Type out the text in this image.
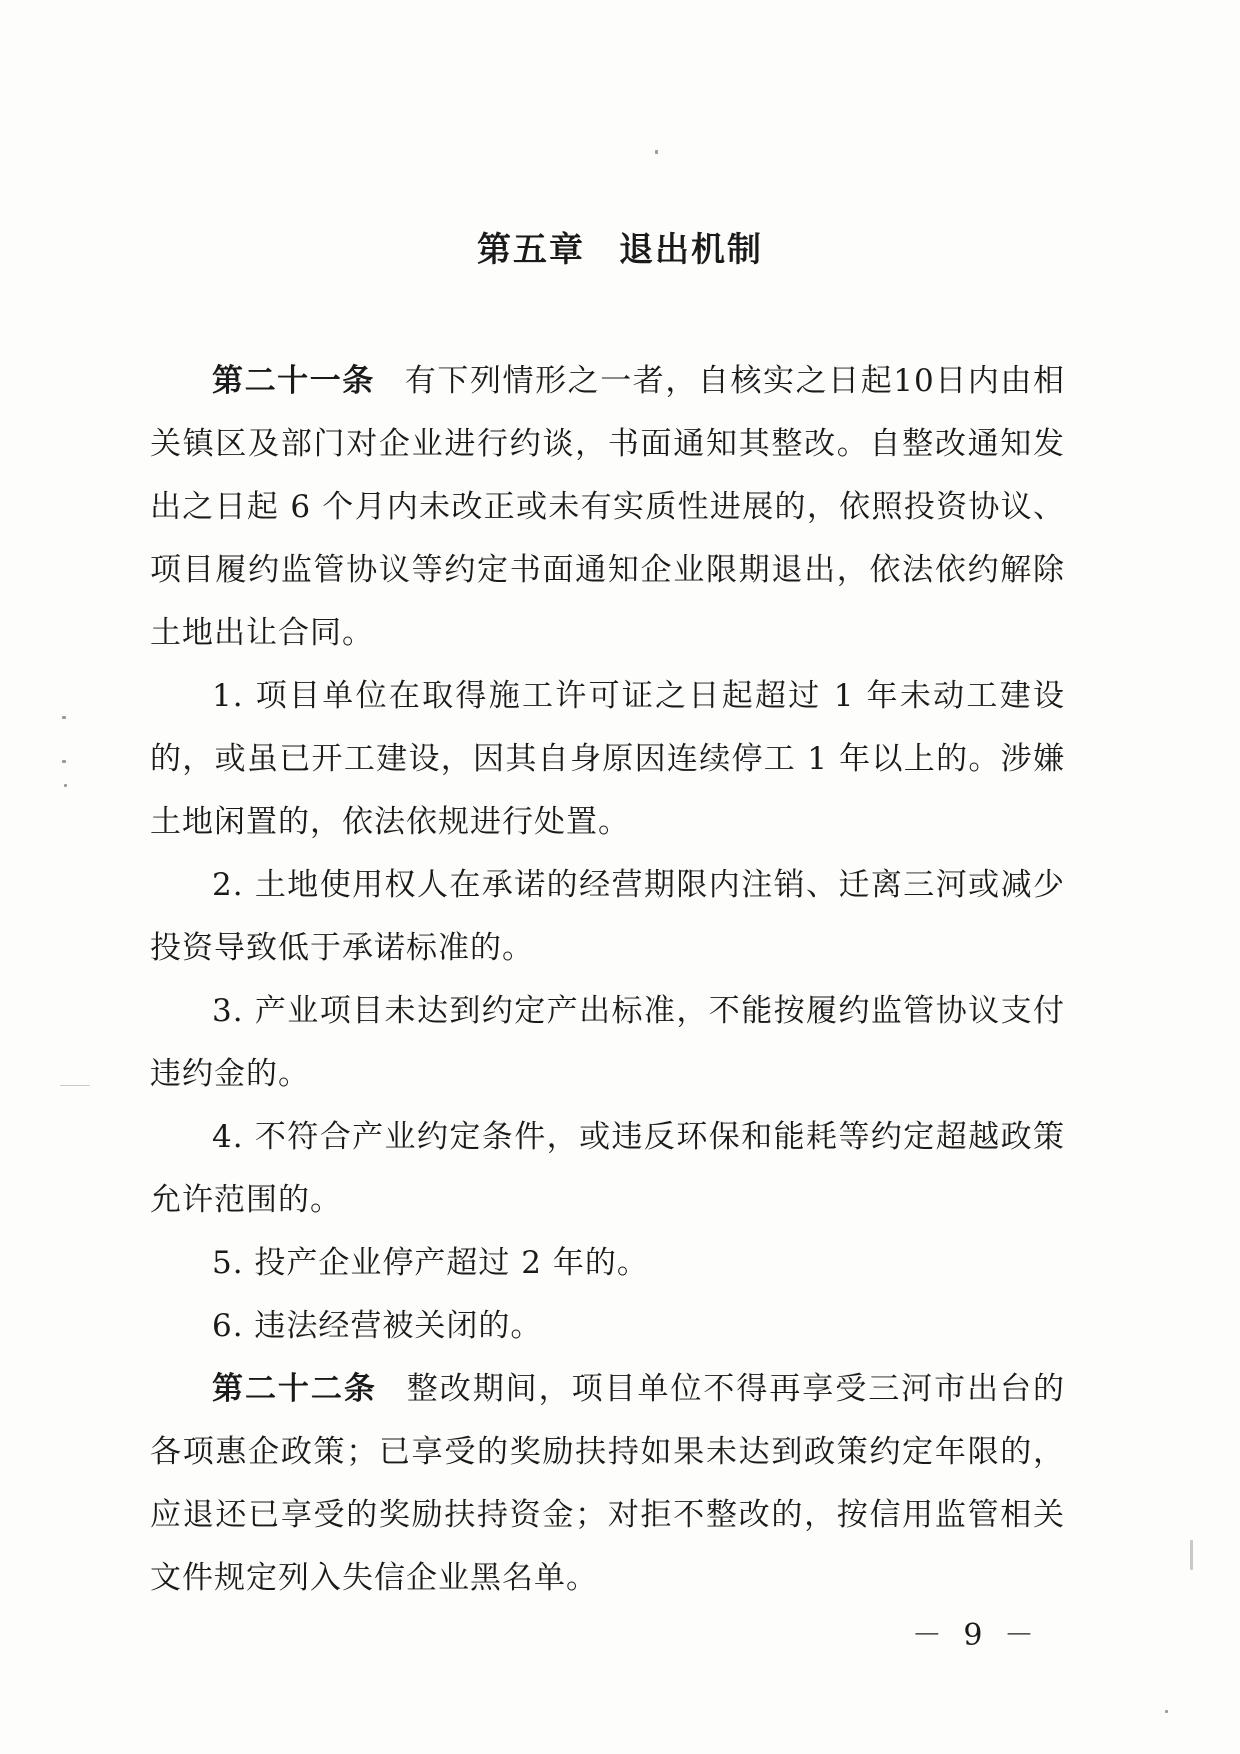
第五章 退出机制

第二十一条 有下列情形之一者，自核实之日起10日内由相关镇区及部门对企业进行约谈，书面通知其整改。自整改通知发出之日起 6 个月内未改正或未有实质性进展的，依照投资协议、项目履约监管协议等约定书面通知企业限期退出，依法依约解除土地出让合同。

1. 项目单位在取得施工许可证之日起超过 1 年未动工建设的，或虽已开工建设，因其自身原因连续停工 1 年以上的。涉嫌土地闲置的，依法依规进行处置。

2. 土地使用权人在承诺的经营期限内注销、迁离三河或减少投资导致低于承诺标准的。

3. 产业项目未达到约定产出标准，不能按履约监管协议支付违约金的。

4. 不符合产业约定条件，或违反环保和能耗等约定超越政策允许范围的。

5. 投产企业停产超过 2 年的。

6. 违法经营被关闭的。

第二十二条 整改期间，项目单位不得再享受三河市出台的各项惠企政策；已享受的奖励扶持如果未达到政策约定年限的，应退还已享受的奖励扶持资金；对拒不整改的，按信用监管相关文件规定列入失信企业黑名单。

－ 9 －
